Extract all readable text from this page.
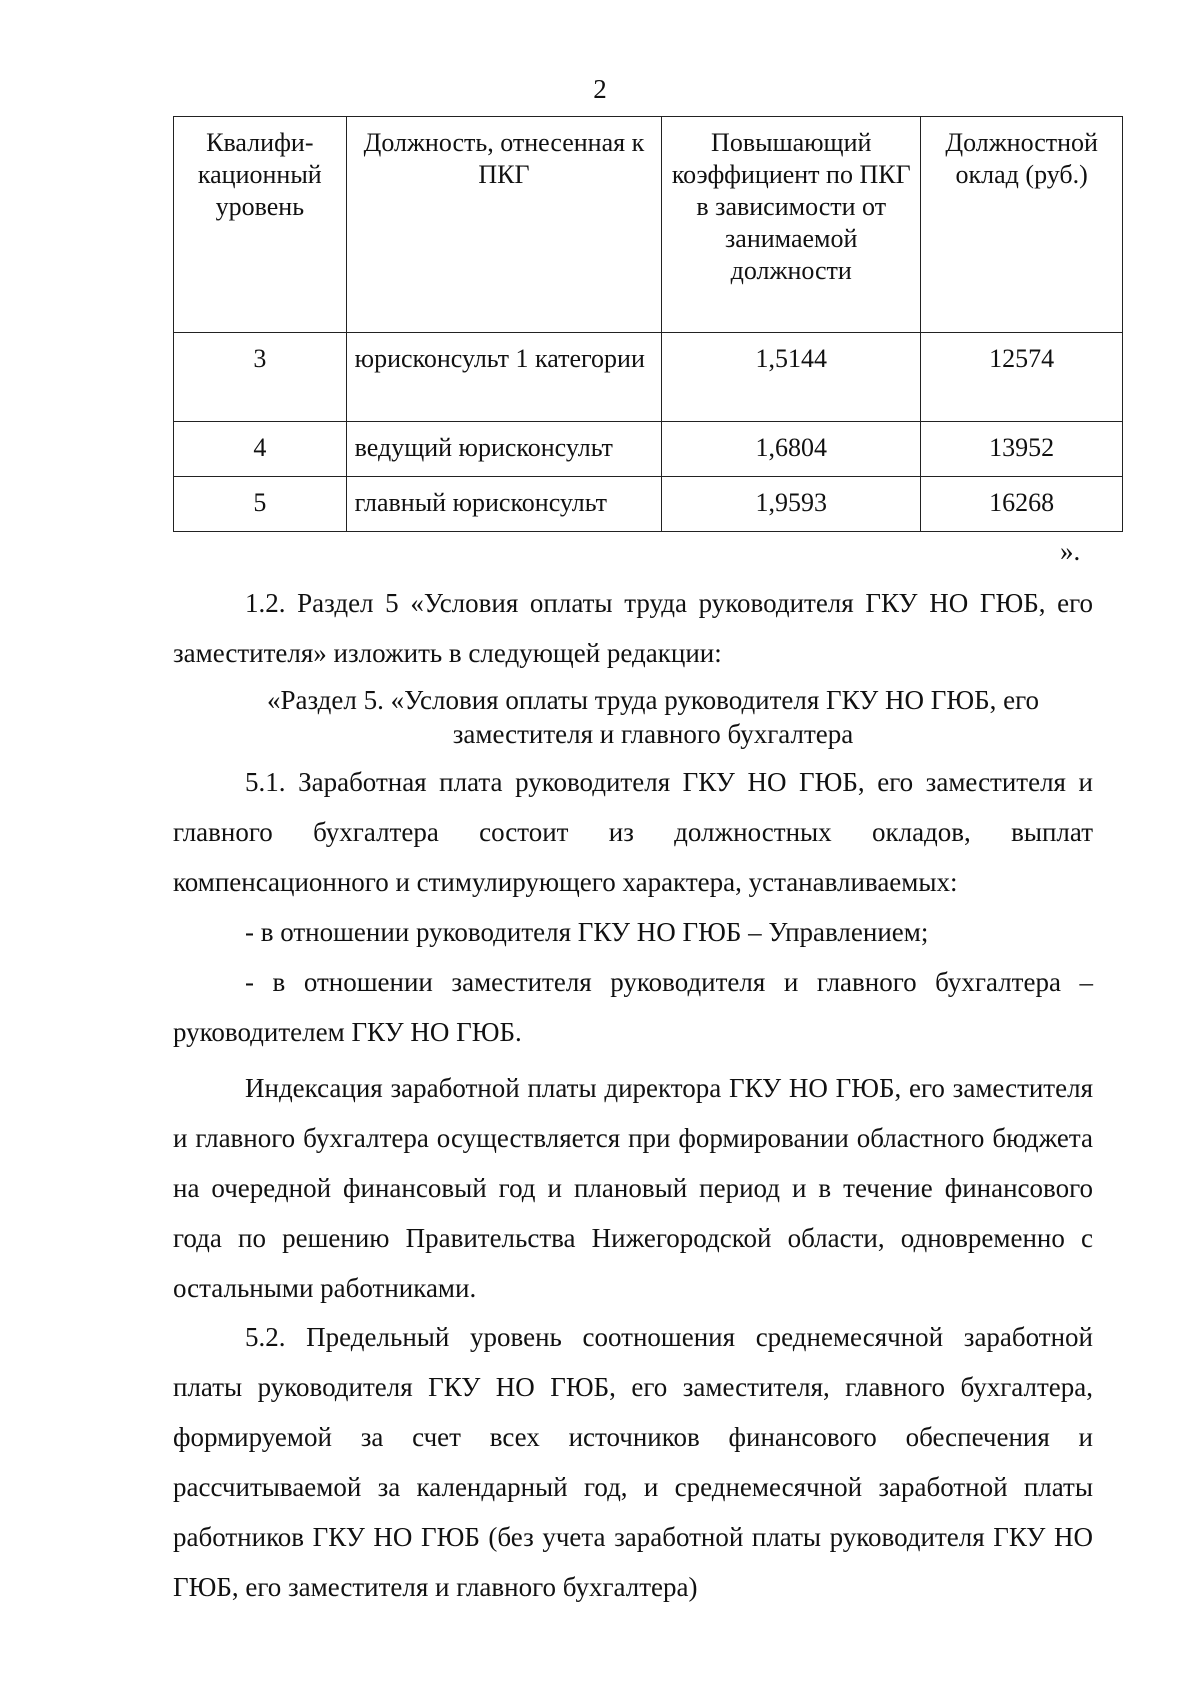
2
Квалифи-кационный уровень	Должность, отнесенная к ПКГ	Повышающий коэффициент по ПКГ в зависимости от занимаемой должности	Должностной оклад (руб.)
3	юрисконсульт 1 категории	1,5144	12574
4	ведущий юрисконсульт	1,6804	13952
5	главный юрисконсульт	1,9593	16268
».
1.2. Раздел 5 «Условия оплаты труда руководителя ГКУ НО ГЮБ, его заместителя» изложить в следующей редакции:
«Раздел 5. «Условия оплаты труда руководителя ГКУ НО ГЮБ, его заместителя и главного бухгалтера
5.1. Заработная плата руководителя ГКУ НО ГЮБ, его заместителя и главного бухгалтера состоит из должностных окладов, выплат компенсационного и стимулирующего характера, устанавливаемых:
- в отношении руководителя ГКУ НО ГЮБ – Управлением;
- в отношении заместителя руководителя и главного бухгалтера – руководителем ГКУ НО ГЮБ.
Индексация заработной платы директора ГКУ НО ГЮБ, его заместителя и главного бухгалтера осуществляется при формировании областного бюджета на очередной финансовый год и плановый период и в течение финансового года по решению Правительства Нижегородской области, одновременно с остальными работниками.
5.2. Предельный уровень соотношения среднемесячной заработной платы руководителя ГКУ НО ГЮБ, его заместителя, главного бухгалтера, формируемой за счет всех источников финансового обеспечения и рассчитываемой за календарный год, и среднемесячной заработной платы работников ГКУ НО ГЮБ (без учета заработной платы руководителя ГКУ НО ГЮБ, его заместителя и главного бухгалтера)
